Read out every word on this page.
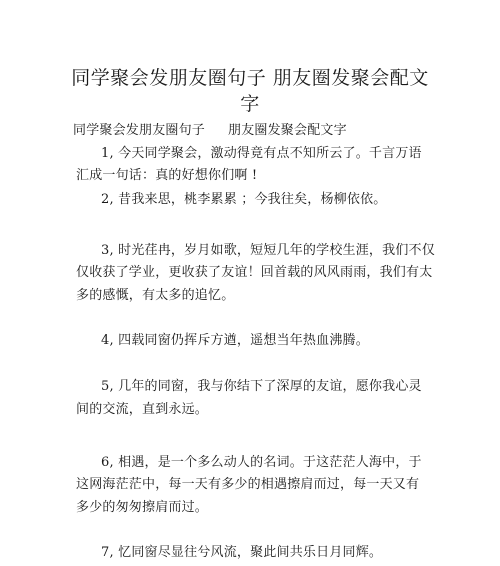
同学聚会发朋友圈句子 朋友圈发聚会配文
字
同学聚会发朋友圈句子 朋友圈发聚会配文字
1, 今天同学聚会，激动得竟有点不知所云了。千言万语
汇成一句话：真的好想你们啊 !
2, 昔我来思，桃李累累 ；今我往矣，杨柳依依。
3, 时光荏冉，岁月如歌，短短几年的学校生涯，我们不仅
仅收获了学业，更收获了友谊！回首载的风风雨雨，我们有太
多的感慨，有太多的追忆。
4, 四载同窗仍挥斥方遒，遥想当年热血沸腾。
5, 几年的同窗，我与你结下了深厚的友谊，愿你我心灵
间的交流，直到永远。
6, 相遇，是一个多么动人的名词。于这茫茫人海中，于
这网海茫茫中，每一天有多少的相遇擦肩而过，每一天又有
多少的匆匆擦肩而过。
7, 忆同窗尽显往兮风流，聚此间共乐日月同辉。
